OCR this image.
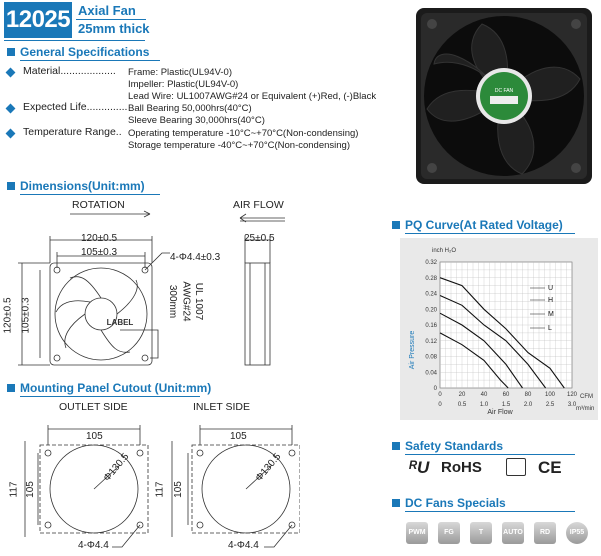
12025 Axial Fan
25mm thick
DC FAN
General Specifications
Material................... Frame: Plastic(UL94V-0)
Impeller: Plastic(UL94V-0)
Lead Wire: UL1007AWG#24 or Equivalent (+)Red, (-)Black
Expected Life.............. Ball Bearing 50,000hrs(40°C)
Sleeve Bearing 30,000hrs(40°C)
Temperature Range.. Operating temperature -10°C~+70°C(Non-condensing)
Storage temperature -40°C~+70°C(Non-condensing)
Dimensions(Unit:mm)
ROTATION	AIR FLOW
LABEL
120±0.5
105±0.3	4-Φ4.4±0.3
25±0.5
120±0.5 105±0.3	UL 1007
AWG#24
300mm
Mounting Panel Cutout (Unit:mm)
OUTLET SIDE	INLET SIDE
105
117 105
Φ130.5
4-Φ4.4
105
117 105
Φ130.5
4-Φ4.4
PQ Curve(At Rated Voltage)
0
0.04
0.08
0.12
0.16
0.20
0.24
0.28
0.32
0	20	40	60	80 100 120
0	0.5 1.0 1.5 2.0 2.5 3.0
U
H
M
L
Air Pressure
inch H₂O
Air Flow
CFM
m³/min
Safety Standards
ᴿU RoHS	CE
DC Fans Specials
PWM	FG	T	AUTO	RD	IP55
